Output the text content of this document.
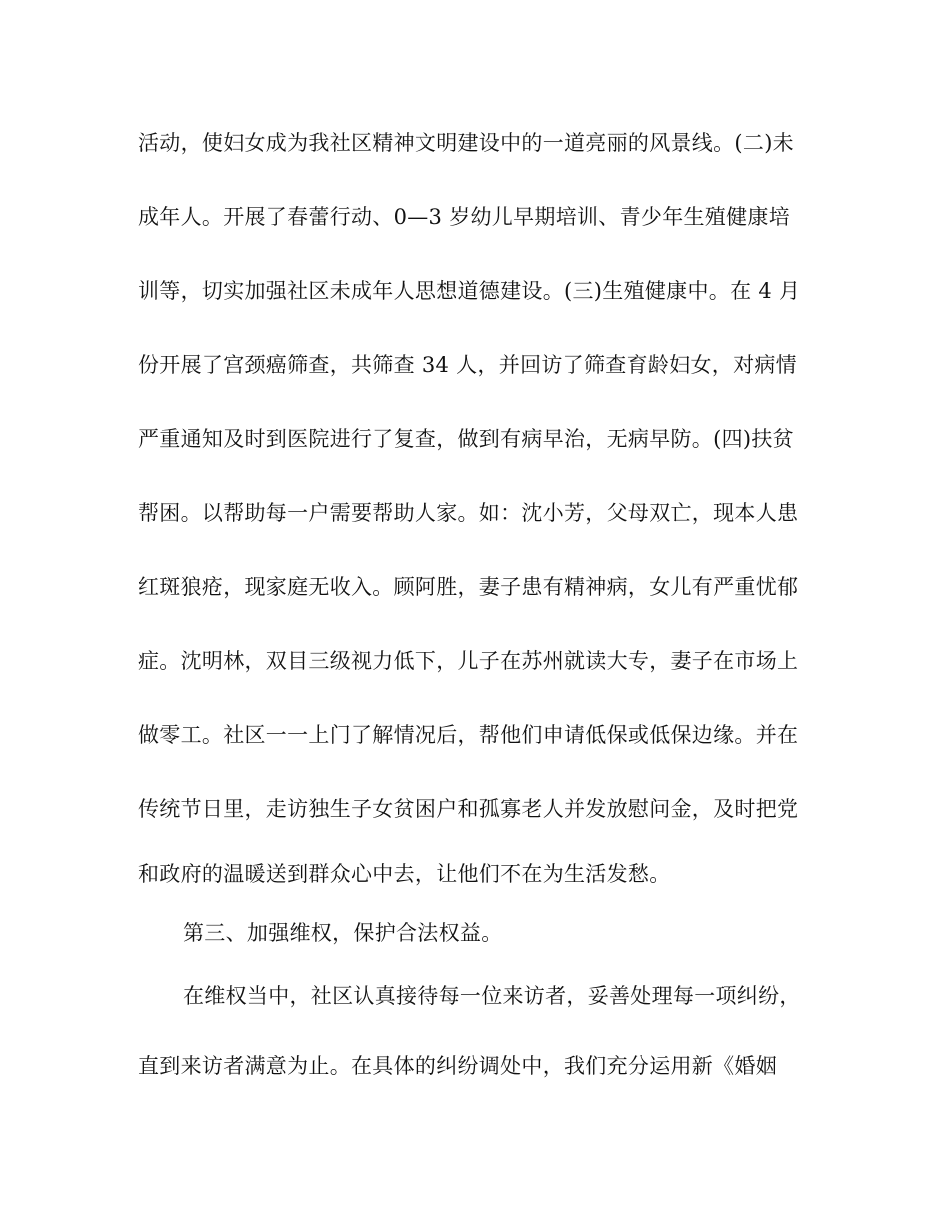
活动，使妇女成为我社区精神文明建设中的一道亮丽的风景线。(二)未
成年人。开展了春蕾行动、0—3 岁幼儿早期培训、青少年生殖健康培
训等，切实加强社区未成年人思想道德建设。(三)生殖健康中。在 4 月
份开展了宫颈癌筛查，共筛查 34 人，并回访了筛查育龄妇女，对病情
严重通知及时到医院进行了复查，做到有病早治，无病早防。(四)扶贫
帮困。以帮助每一户需要帮助人家。如：沈小芳，父母双亡，现本人患
红斑狼疮，现家庭无收入。顾阿胜，妻子患有精神病，女儿有严重忧郁
症。沈明林，双目三级视力低下，儿子在苏州就读大专，妻子在市场上
做零工。社区一一上门了解情况后，帮他们申请低保或低保边缘。并在
传统节日里，走访独生子女贫困户和孤寡老人并发放慰问金，及时把党
和政府的温暖送到群众心中去，让他们不在为生活发愁。
第三、加强维权，保护合法权益。
在维权当中，社区认真接待每一位来访者，妥善处理每一项纠纷，
直到来访者满意为止。在具体的纠纷调处中，我们充分运用新《婚姻
